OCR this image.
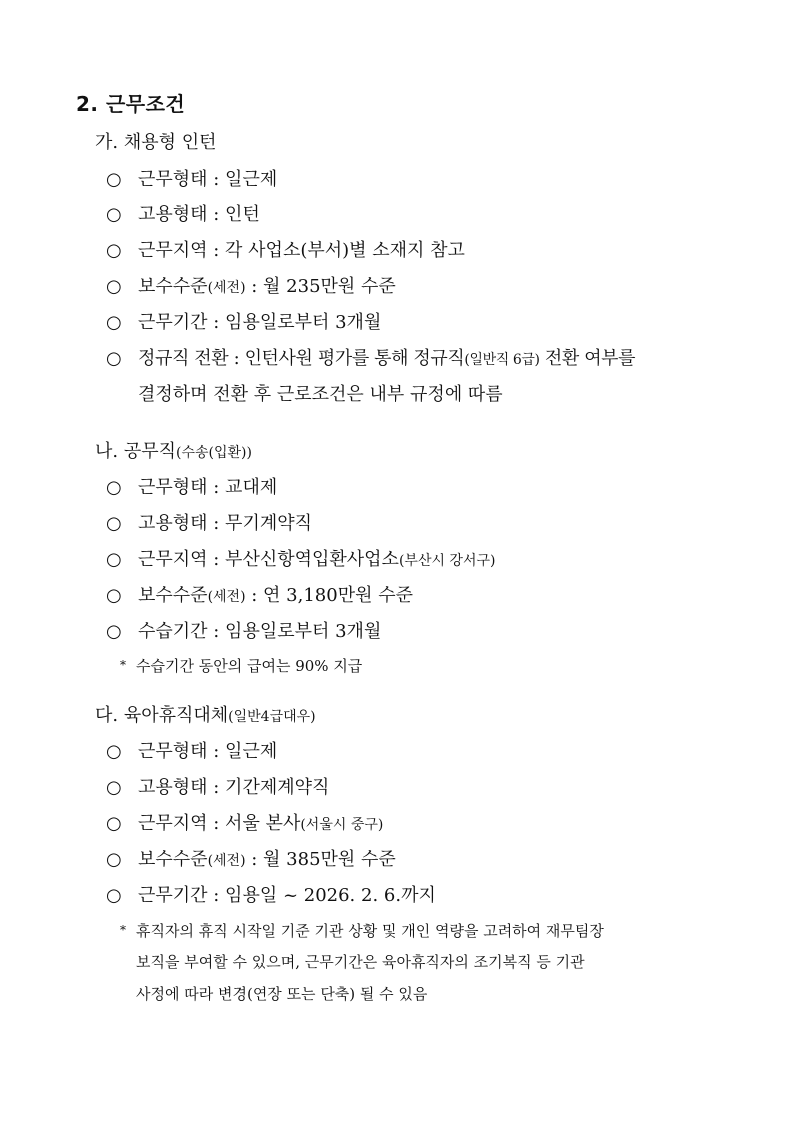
2. 근무조건
가. 채용형 인턴
○ 근무형태 : 일근제
○ 고용형태 : 인턴
○ 근무지역 : 각 사업소(부서)별 소재지 참고
○ 보수수준(세전) : 월 235만원 수준
○ 근무기간 : 임용일로부터 3개월
○ 정규직 전환 : 인턴사원 평가를 통해 정규직(일반직 6급) 전환 여부를
결정하며 전환 후 근로조건은 내부 규정에 따름
나. 공무직(수송(입환))
○ 근무형태 : 교대제
○ 고용형태 : 무기계약직
○ 근무지역 : 부산신항역입환사업소(부산시 강서구)
○ 보수수준(세전) : 연 3,180만원 수준
○ 수습기간 : 임용일로부터 3개월
* 수습기간 동안의 급여는 90% 지급
다. 육아휴직대체(일반4급대우)
○ 근무형태 : 일근제
○ 고용형태 : 기간제계약직
○ 근무지역 : 서울 본사(서울시 중구)
○ 보수수준(세전) : 월 385만원 수준
○ 근무기간 : 임용일 ~ 2026. 2. 6.까지
* 휴직자의 휴직 시작일 기준 기관 상황 및 개인 역량을 고려하여 재무팀장
보직을 부여할 수 있으며, 근무기간은 육아휴직자의 조기복직 등 기관
사정에 따라 변경(연장 또는 단축) 될 수 있음
